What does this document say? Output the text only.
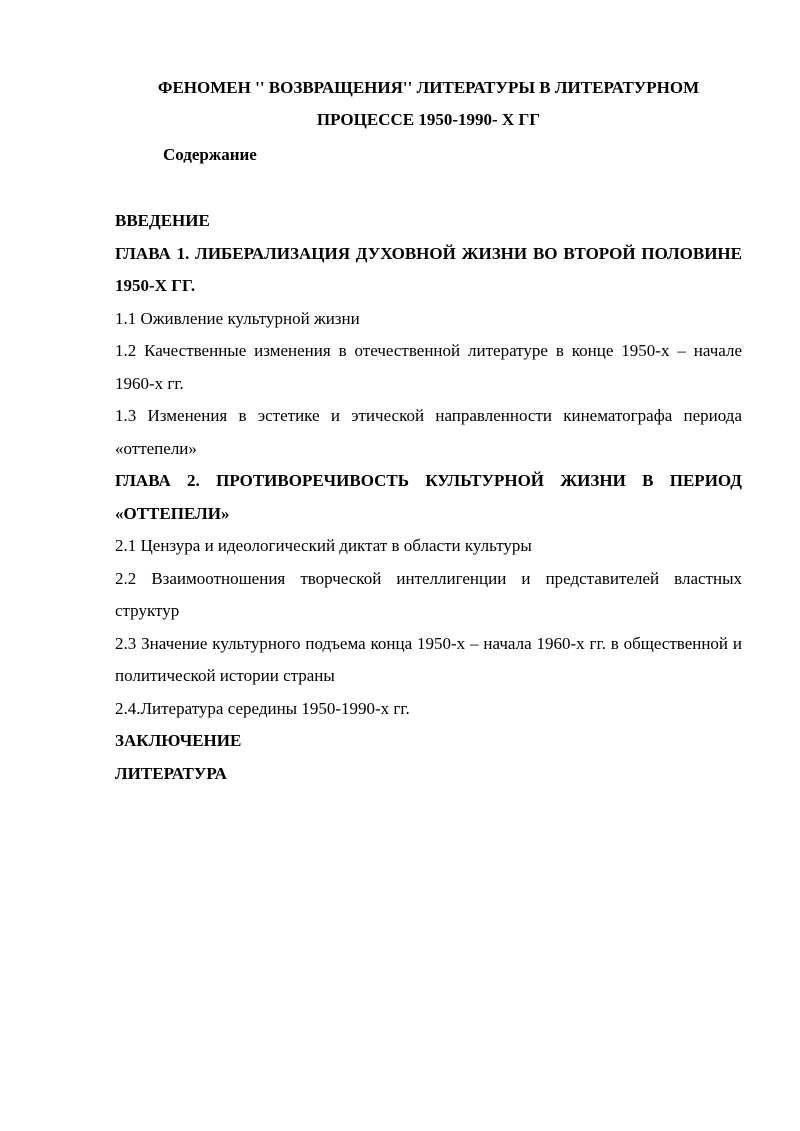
ФЕНОМЕН '' ВОЗВРАЩЕНИЯ'' ЛИТЕРАТУРЫ В ЛИТЕРАТУРНОМ
ПРОЦЕССЕ 1950-1990- Х ГГ
Содержание

ВВЕДЕНИЕ

ГЛАВА 1. ЛИБЕРАЛИЗАЦИЯ ДУХОВНОЙ ЖИЗНИ ВО ВТОРОЙ ПОЛОВИНЕ 1950-Х ГГ.

1.1 Оживление культурной жизни

1.2 Качественные изменения в отечественной литературе в конце 1950-х – начале 1960-х гг.

1.3 Изменения в эстетике и этической направленности кинематографа периода «оттепели»

ГЛАВА 2. ПРОТИВОРЕЧИВОСТЬ КУЛЬТУРНОЙ ЖИЗНИ В ПЕРИОД «ОТТЕПЕЛИ»

2.1 Цензура и идеологический диктат в области культуры

2.2 Взаимоотношения творческой интеллигенции и представителей властных структур

2.3 Значение культурного подъема конца 1950-х – начала 1960-х гг. в общественной и политической истории страны

2.4.Литература середины 1950-1990-х гг.

ЗАКЛЮЧЕНИЕ

ЛИТЕРАТУРА
